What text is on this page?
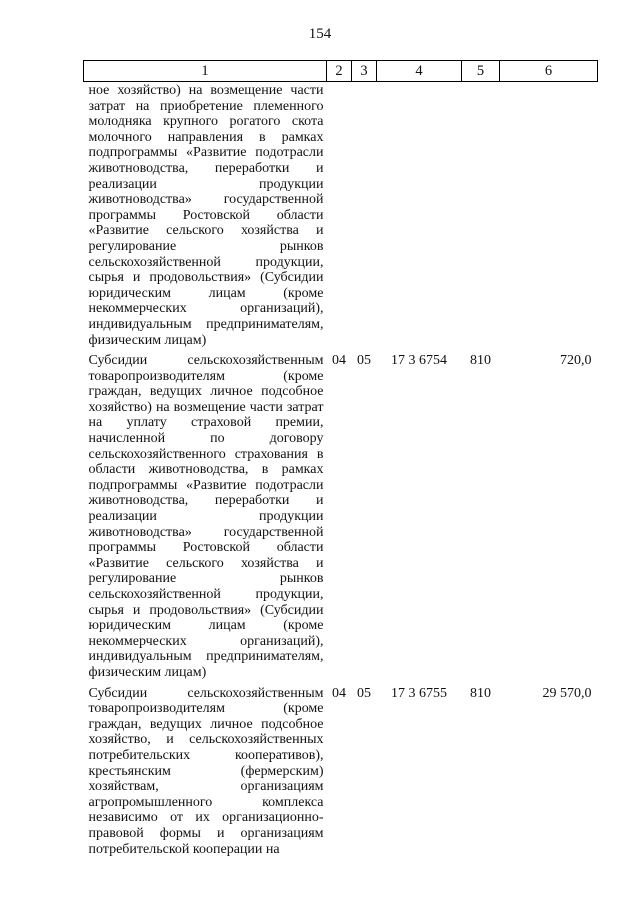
154
1	2	3	4	5	6
ное хозяйство) на возмещение части затрат на приобретение племенного молодняка крупного рогатого скота молочного направления в рамках подпрограммы «Развитие подотрасли животноводства, переработки и реализации продукции животноводства» государственной программы Ростовской области «Развитие сельского хозяйства и регулирование рынков сельскохозяйственной продукции, сырья и продовольствия» (Субсидии юридическим лицам (кроме некоммерческих организаций), индивидуальным предпринимателям, физическим лицам)					
Субсидии сельскохозяйственным товаропроизводителям (кроме граждан, ведущих личное подсобное хозяйство) на возмещение части затрат на уплату страховой премии, начисленной по договору сельскохозяйственного страхования в области животноводства, в рамках подпрограммы «Развитие подотрасли животноводства, переработки и реализации продукции животноводства» государственной программы Ростовской области «Развитие сельского хозяйства и регулирование рынков сельскохозяйственной продукции, сырья и продовольствия» (Субсидии юридическим лицам (кроме некоммерческих организаций), индивидуальным предпринимателям, физическим лицам)	04	05	17 3 6754	810	720,0
Субсидии сельскохозяйственным товаропроизводителям (кроме граждан, ведущих личное подсобное хозяйство, и сельскохозяйственных потребительских кооперативов), крестьянским (фермерским) хозяйствам, организациям агропромышленного комплекса независимо от их организационно-правовой формы и организациям потребительской кооперации на	04	05	17 3 6755	810	29 570,0
